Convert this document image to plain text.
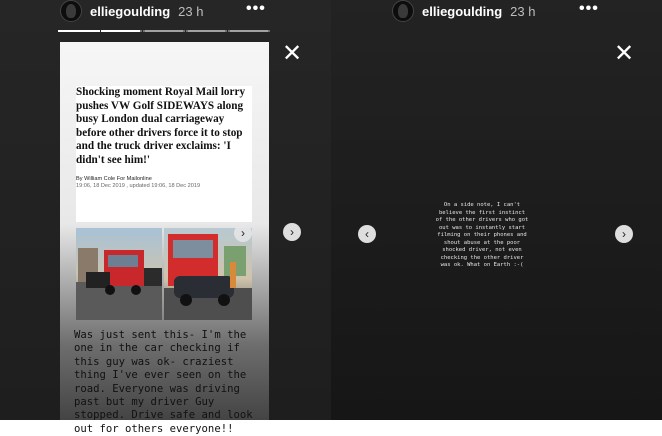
elliegoulding 23 h	•••
✕

Shocking moment Royal Mail lorry pushes VW Golf SIDEWAYS along busy London dual carriageway before other drivers force it to stop and the truck driver exclaims: 'I didn't see him!'

By William Cole For Mailonline
19:06, 18 Dec 2019 , updated 19:06, 18 Dec 2019
›

Was just sent this- I'm the one in the car checking if this guy was ok- craziest thing I've ever seen on the road. Everyone was driving past but my driver Guy stopped. Drive safe and look out for others everyone!!

›
elliegoulding 23 h	•••
✕
‹	›

On a side note, I can't
believe the first instinct
of the other drivers who got
out was to instantly start
filming on their phones and
shout abuse at the poor
shocked driver, not even
checking the other driver
was ok. What on Earth :-(
